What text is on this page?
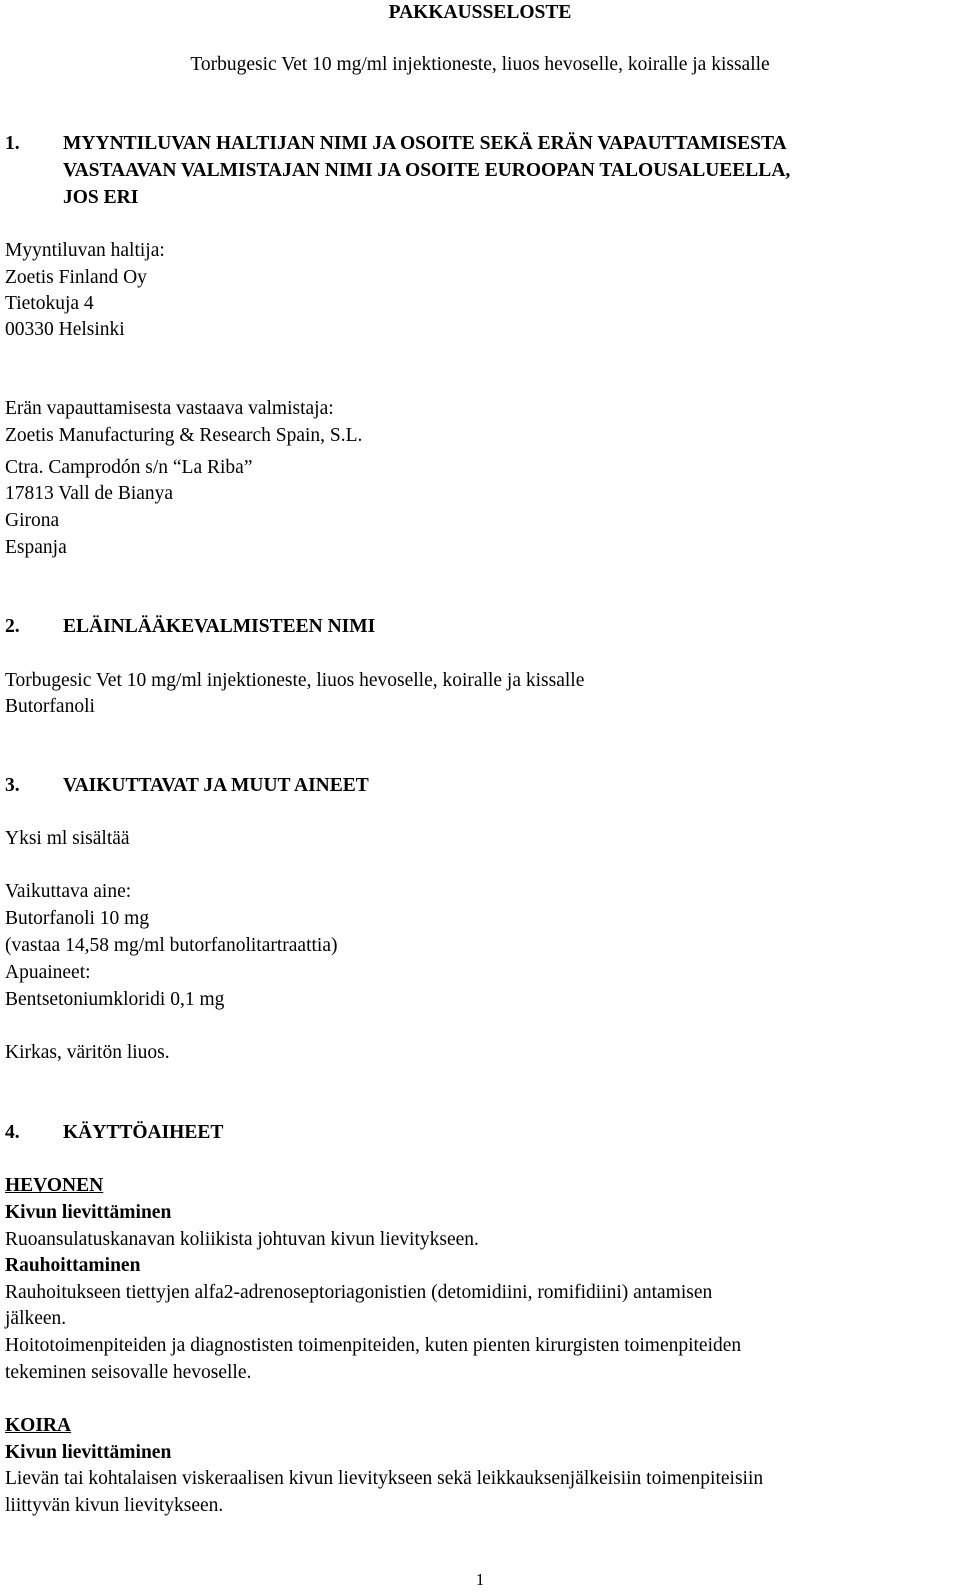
PAKKAUSSELOSTE
Torbugesic Vet 10 mg/ml injektioneste, liuos hevoselle, koiralle ja kissalle
1. MYYNTILUVAN HALTIJAN NIMI JA OSOITE SEKÄ ERÄN VAPAUTTAMISESTA
VASTAAVAN VALMISTAJAN NIMI JA OSOITE EUROOPAN TALOUSALUEELLA,
JOS ERI
Myyntiluvan haltija:
Zoetis Finland Oy
Tietokuja 4
00330 Helsinki
Erän vapauttamisesta vastaava valmistaja:
Zoetis Manufacturing & Research Spain, S.L.
Ctra. Camprodón s/n “La Riba”
17813 Vall de Bianya
Girona
Espanja
2. ELÄINLÄÄKEVALMISTEEN NIMI
Torbugesic Vet 10 mg/ml injektioneste, liuos hevoselle, koiralle ja kissalle
Butorfanoli
3. VAIKUTTAVAT JA MUUT AINEET
Yksi ml sisältää
Vaikuttava aine:
Butorfanoli 10 mg
(vastaa 14,58 mg/ml butorfanolitartraattia)
Apuaineet:
Bentsetoniumkloridi 0,1 mg
Kirkas, väritön liuos.
4. KÄYTTÖAIHEET
HEVONEN
Kivun lievittäminen
Ruoansulatuskanavan koliikista johtuvan kivun lievitykseen.
Rauhoittaminen
Rauhoitukseen tiettyjen alfa2-adrenoseptoriagonistien (detomidiini, romifidiini) antamisen
jälkeen.
Hoitotoimenpiteiden ja diagnostisten toimenpiteiden, kuten pienten kirurgisten toimenpiteiden
tekeminen seisovalle hevoselle.
KOIRA
Kivun lievittäminen
Lievän tai kohtalaisen viskeraalisen kivun lievitykseen sekä leikkauksenjälkeisiin toimenpiteisiin
liittyvän kivun lievitykseen.
1
